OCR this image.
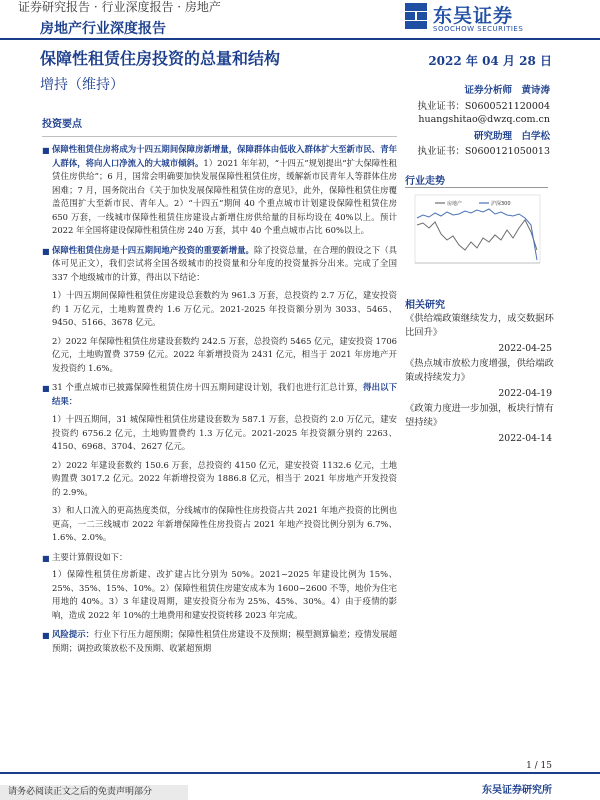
证券研究报告 · 行业深度报告 · 房地产
房地产行业深度报告
东吴证券
SOOCHOW SECURITIES
保障性租赁住房投资的总量和结构	2022 年 04 月 28 日
增持（维持）	证券分析师　黄诗涛
执业证书：S0600521120004
huangshitao@dwzq.com.cn
研究助理　白学松
执业证书：S0600121050013
投资要点
■ 保障性租赁住房将成为十四五期间保障房新增量，保障群体由低收入群体扩大至新市民、青年人群体，将向人口净流入的大城市倾斜。1）2021 年年初，“十四五”规划提出“扩大保障性租赁住房供给”；6 月，国常会明确要加快发展保障性租赁住房，缓解新市民青年人等群体住房困难；7 月，国务院出台《关于加快发展保障性租赁住房的意见》，此外，保障性租赁住房覆盖范围扩大至新市民、青年人。2）“十四五”期间 40 个重点城市计划建设保障性租赁住房 650 万套，一线城市保障性租赁住房建设占新增住房供给量的目标均设在 40%以上。预计 2022 年全国将建设保障性租赁住房 240 万套，其中 40 个重点城市占比 60%以上。
■ 保障性租赁住房是十四五期间地产投资的重要新增量。除了投资总量，在合理的假设之下（具体可见正文），我们尝试将全国各级城市的投资量和分年度的投资量拆分出来。完成了全国 337 个地级城市的计算，得出以下结论：
1）十四五期间保障性租赁住房建设总套数约为 961.3 万套，总投资约 2.7 万亿，建安投资约 1 万亿元，土地购置费约 1.6 万亿元。2021-2025 年投资额分别为 3033、5465、9450、5166、3678 亿元。
2）2022 年保障性租赁住房建设套数约 242.5 万套，总投资约 5465 亿元，建安投资 1706 亿元，土地购置费 3759 亿元。2022 年新增投资为 2431 亿元，相当于 2021 年房地产开发投资约 1.6%。
■ 31 个重点城市已披露保障性租赁住房十四五期间建设计划，我们也进行汇总计算，得出以下结果：
1）十四五期间，31 城保障性租赁住房建设套数为 587.1 万套，总投资约 2.0 万亿元，建安投资约 6756.2 亿元，土地购置费约 1.3 万亿元。2021-2025 年投资额分别约 2263、4150、6968、3704、2627 亿元。
2）2022 年建设套数约 150.6 万套，总投资约 4150 亿元，建安投资 1132.6 亿元，土地购置费 3017.2 亿元。2022 年新增投资为 1886.8 亿元，相当于 2021 年房地产开发投资的 2.9%。
3）和人口流入的更高热度类似，分线城市的保障性住房投资占共 2021 年地产投资的比例也更高，一二三线城市 2022 年新增保障性住房投资占 2021 年地产投资比例分别为 6.7%、1.6%、2.0%。
■ 主要计算假设如下：
1）保障性租赁住房新建、改扩建占比分别为 50%。2021~2025 年建设比例为 15%、25%、35%、15%、10%。2）保障性租赁住房建安成本为 1600~2600 不等，地价为住宅用地的 40%。3）3 年建设周期，建安投资分布为 25%、45%、30%。4）由于疫情的影响，造成 2022 年 10%的土地费用和建安投资转移 2023 年完成。
■ 风险提示：行业下行压力超预期；保障性租赁住房建设不及预期；模型测算偏差；疫情发展超预期；调控政策放松不及预期、收紧超预期
行业走势
房地产	沪深300
相关研究
《供给端政策继续发力，成交数据环比回升》
2022-04-25
《热点城市放松力度增强，供给端政策或持续发力》
2022-04-19
《政策力度进一步加强，板块行情有望持续》
2022-04-14
1 / 15
请务必阅读正文之后的免责声明部分	东吴证券研究所
